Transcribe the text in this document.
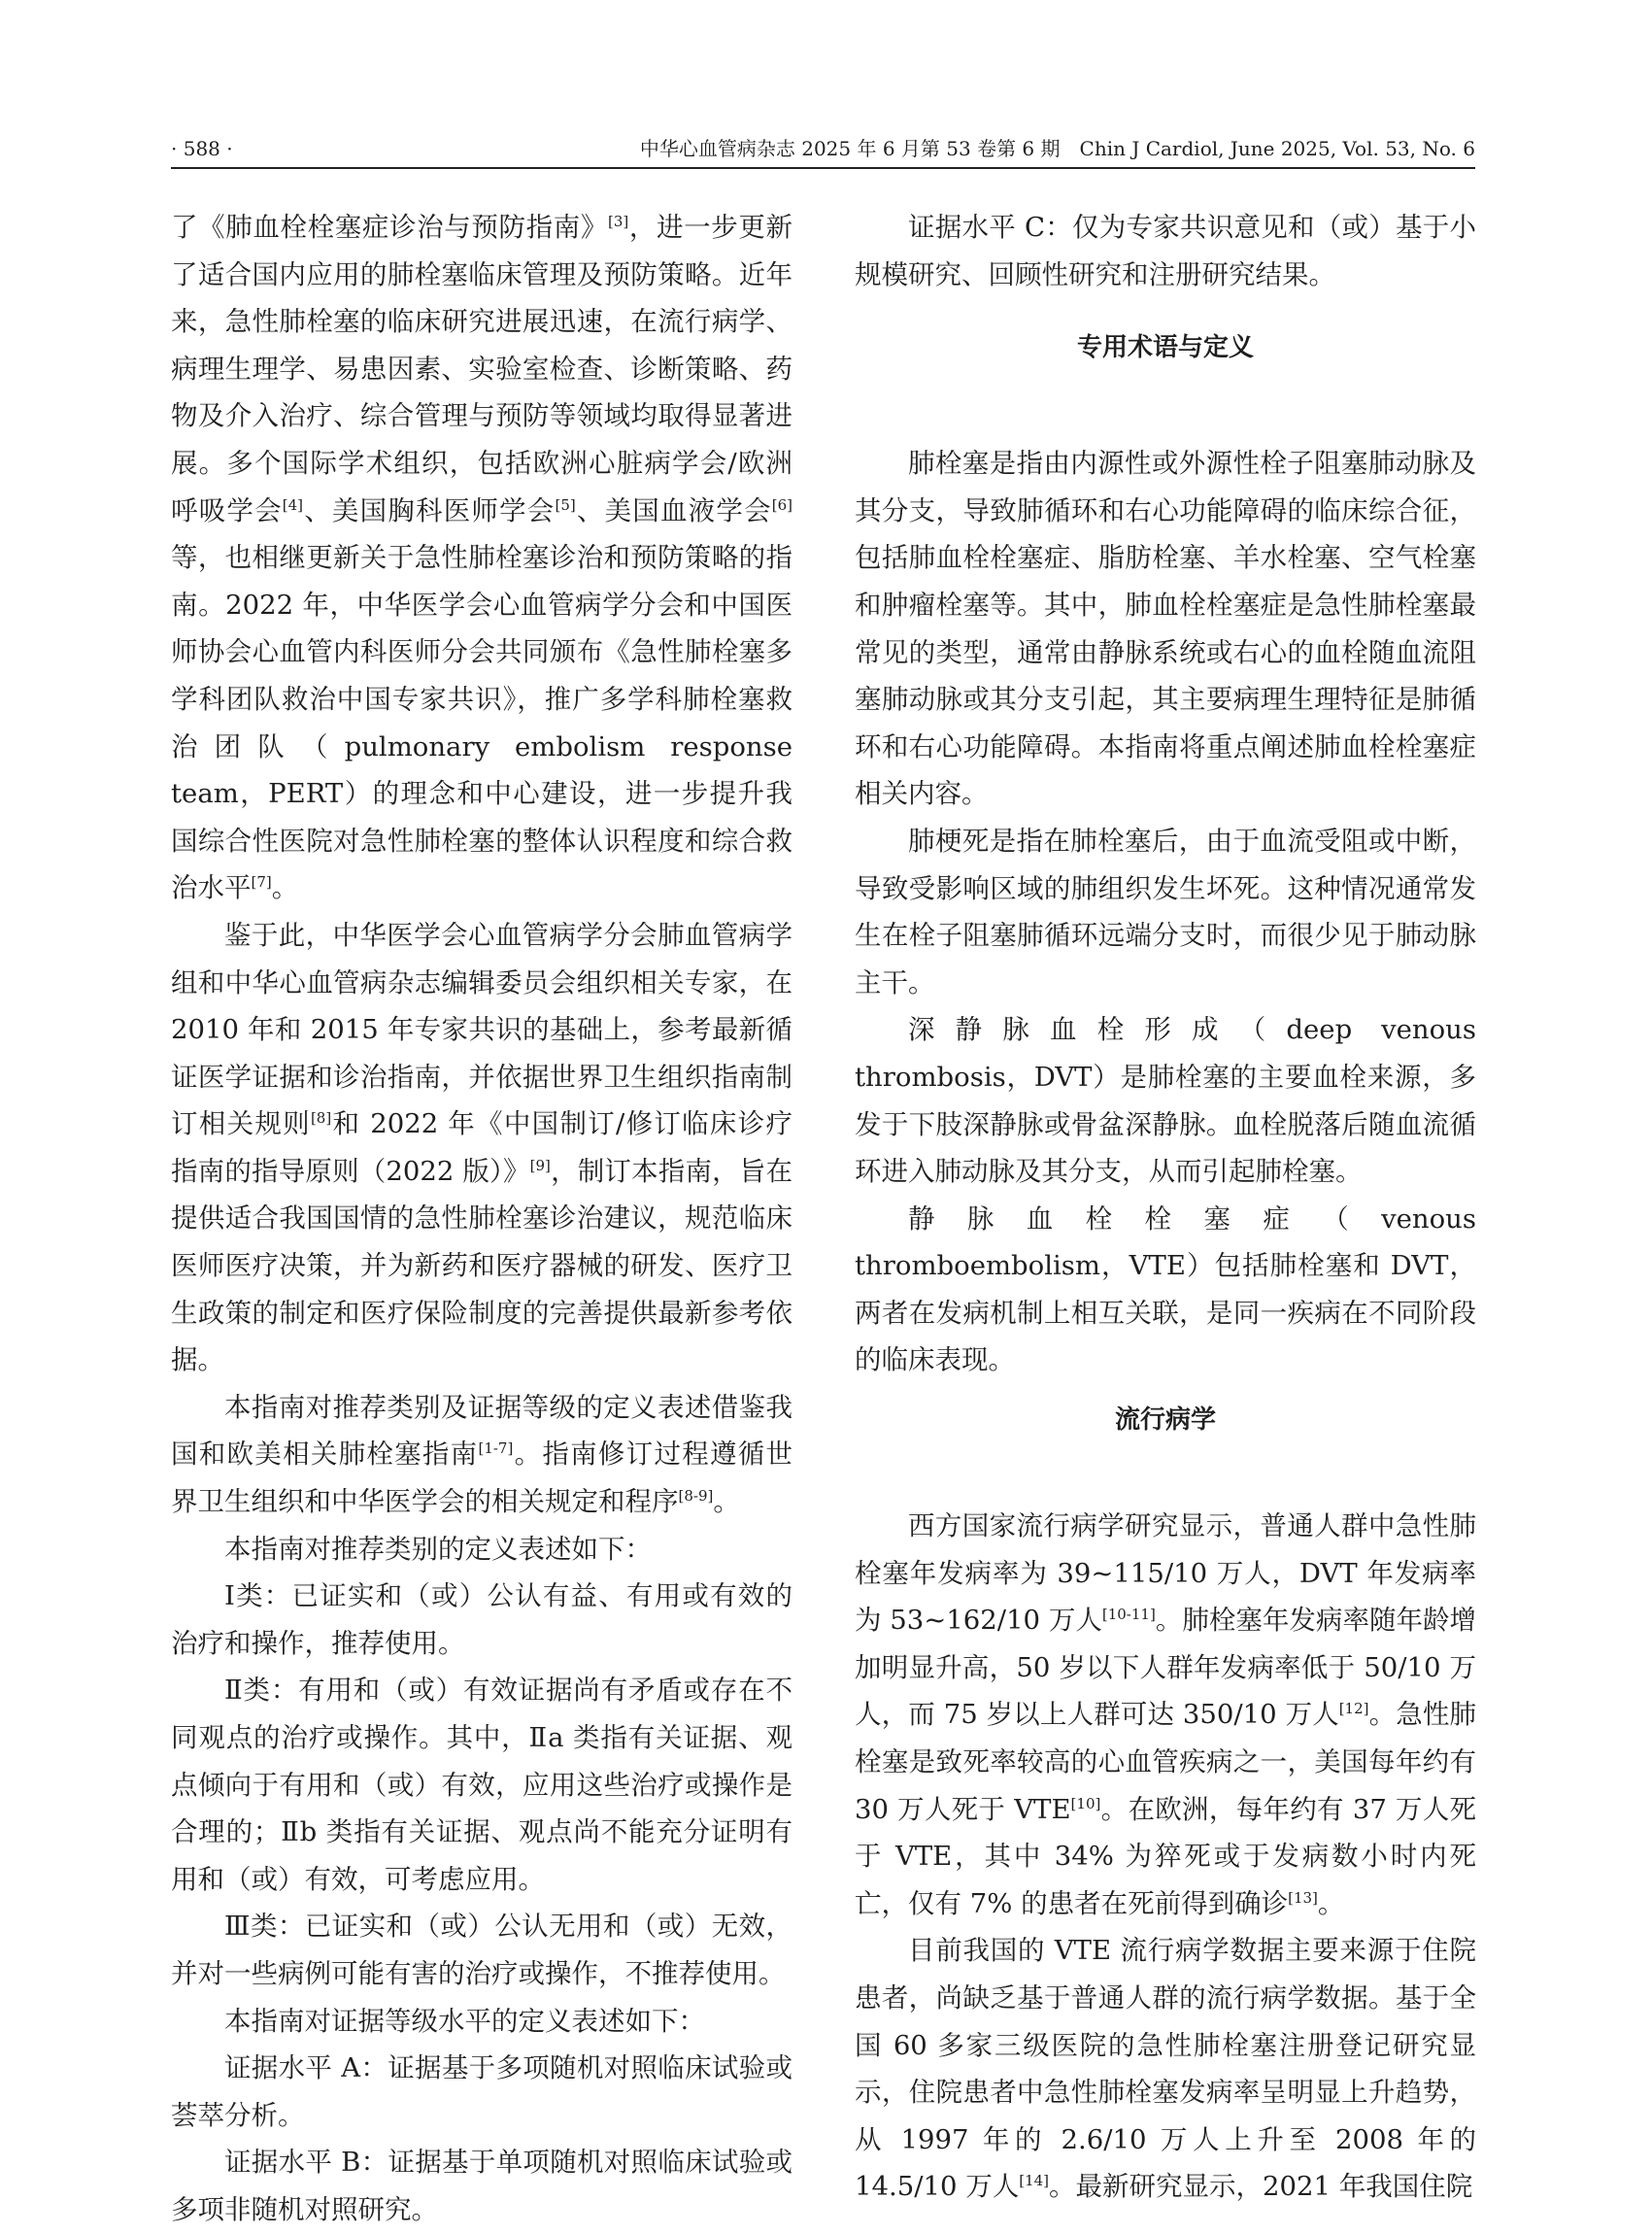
· 588 ·	中华心血管病杂志 2025 年 6 月第 53 卷第 6 期　Chin J Cardiol, June 2025, Vol. 53, No. 6

了《肺血栓栓塞症诊治与预防指南》[3]，进一步更新了适合国内应用的肺栓塞临床管理及预防策略。近年来，急性肺栓塞的临床研究进展迅速，在流行病学、病理生理学、易患因素、实验室检查、诊断策略、药物及介入治疗、综合管理与预防等领域均取得显著进展。多个国际学术组织，包括欧洲心脏病学会/欧洲呼吸学会[4]、美国胸科医师学会[5]、美国血液学会[6]等，也相继更新关于急性肺栓塞诊治和预防策略的指南。2022 年，中华医学会心血管病学分会和中国医师协会心血管内科医师分会共同颁布《急性肺栓塞多学科团队救治中国专家共识》，推广多学科肺栓塞救治团队（pulmonary embolism response team，PERT）的理念和中心建设，进一步提升我国综合性医院对急性肺栓塞的整体认识程度和综合救治水平[7]。

鉴于此，中华医学会心血管病学分会肺血管病学组和中华心血管病杂志编辑委员会组织相关专家，在 2010 年和 2015 年专家共识的基础上，参考最新循证医学证据和诊治指南，并依据世界卫生组织指南制订相关规则[8]和 2022 年《中国制订/修订临床诊疗指南的指导原则（2022 版）》[9]，制订本指南，旨在提供适合我国国情的急性肺栓塞诊治建议，规范临床医师医疗决策，并为新药和医疗器械的研发、医疗卫生政策的制定和医疗保险制度的完善提供最新参考依据。

本指南对推荐类别及证据等级的定义表述借鉴我国和欧美相关肺栓塞指南[1-7]。指南修订过程遵循世界卫生组织和中华医学会的相关规定和程序[8-9]。

本指南对推荐类别的定义表述如下：

Ⅰ类：已证实和（或）公认有益、有用或有效的治疗和操作，推荐使用。

Ⅱ类：有用和（或）有效证据尚有矛盾或存在不同观点的治疗或操作。其中，Ⅱa 类指有关证据、观点倾向于有用和（或）有效，应用这些治疗或操作是合理的；Ⅱb 类指有关证据、观点尚不能充分证明有用和（或）有效，可考虑应用。

Ⅲ类：已证实和（或）公认无用和（或）无效，并对一些病例可能有害的治疗或操作，不推荐使用。

本指南对证据等级水平的定义表述如下：

证据水平 A：证据基于多项随机对照临床试验或荟萃分析。

证据水平 B：证据基于单项随机对照临床试验或多项非随机对照研究。

证据水平 C：仅为专家共识意见和（或）基于小规模研究、回顾性研究和注册研究结果。

专用术语与定义

肺栓塞是指由内源性或外源性栓子阻塞肺动脉及其分支，导致肺循环和右心功能障碍的临床综合征，包括肺血栓栓塞症、脂肪栓塞、羊水栓塞、空气栓塞和肿瘤栓塞等。其中，肺血栓栓塞症是急性肺栓塞最常见的类型，通常由静脉系统或右心的血栓随血流阻塞肺动脉或其分支引起，其主要病理生理特征是肺循环和右心功能障碍。本指南将重点阐述肺血栓栓塞症相关内容。

肺梗死是指在肺栓塞后，由于血流受阻或中断，导致受影响区域的肺组织发生坏死。这种情况通常发生在栓子阻塞肺循环远端分支时，而很少见于肺动脉主干。

深静脉血栓形成（deep venous thrombosis，DVT）是肺栓塞的主要血栓来源，多发于下肢深静脉或骨盆深静脉。血栓脱落后随血流循环进入肺动脉及其分支，从而引起肺栓塞。

静脉血栓栓塞症（venous thromboembolism，VTE）包括肺栓塞和 DVT，两者在发病机制上相互关联，是同一疾病在不同阶段的临床表现。

流行病学

西方国家流行病学研究显示，普通人群中急性肺栓塞年发病率为 39~115/10 万人，DVT 年发病率为 53~162/10 万人[10-11]。肺栓塞年发病率随年龄增加明显升高，50 岁以下人群年发病率低于 50/10 万人，而 75 岁以上人群可达 350/10 万人[12]。急性肺栓塞是致死率较高的心血管疾病之一，美国每年约有 30 万人死于 VTE[10]。在欧洲，每年约有 37 万人死于 VTE，其中 34% 为猝死或于发病数小时内死亡，仅有 7% 的患者在死前得到确诊[13]。

目前我国的 VTE 流行病学数据主要来源于住院患者，尚缺乏基于普通人群的流行病学数据。基于全国 60 多家三级医院的急性肺栓塞注册登记研究显示，住院患者中急性肺栓塞发病率呈明显上升趋势，从 1997 年的 2.6/10 万人上升至 2008 年的 14.5/10 万人[14]。最新研究显示，2021 年我国住院
